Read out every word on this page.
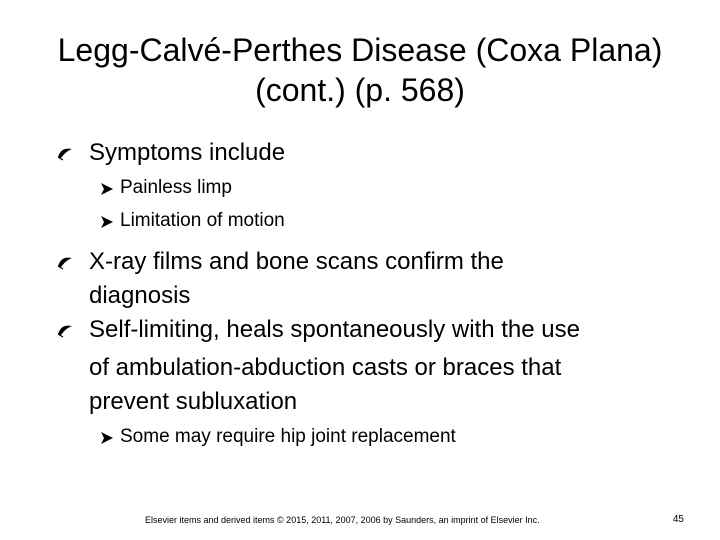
Legg-Calvé-Perthes Disease (Coxa Plana) (cont.) (p. 568)
Symptoms include
Painless limp
Limitation of motion
X-ray films and bone scans confirm the
diagnosis
Self-limiting, heals spontaneously with the use
of ambulation-abduction casts or braces that
prevent subluxation
Some may require hip joint replacement
Elsevier items and derived items © 2015, 2011, 2007, 2006 by Saunders, an imprint of Elsevier Inc.	45
